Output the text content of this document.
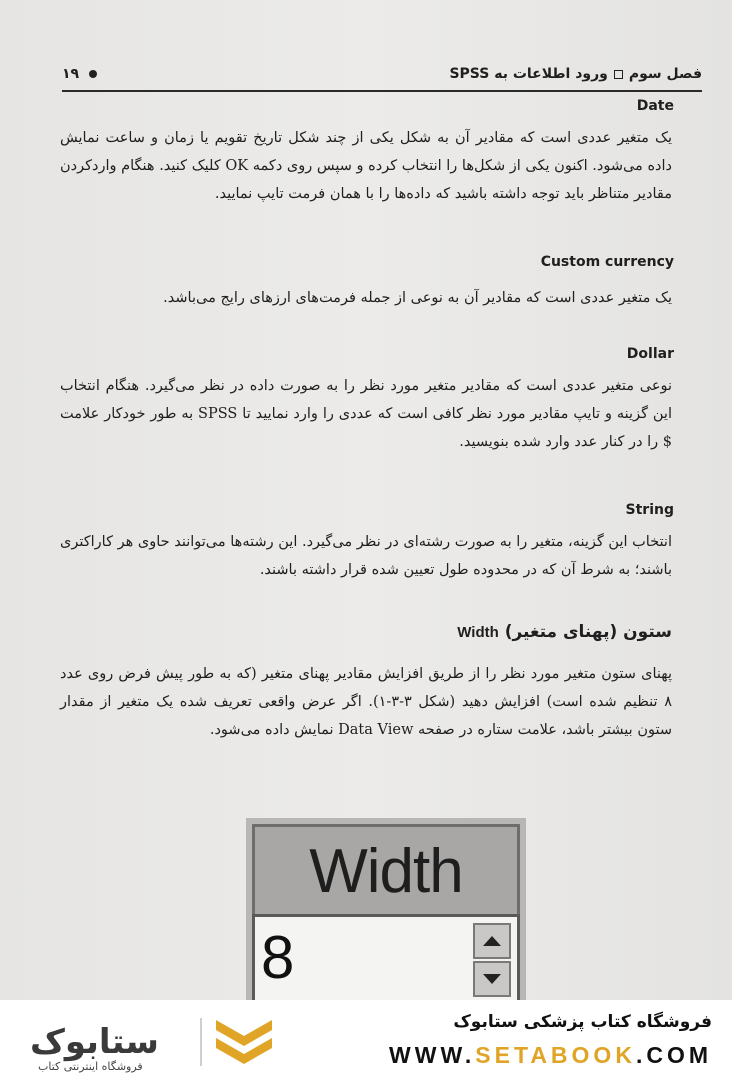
۱۹	فصل سوم
ورود اطلاعات به SPSS
Date
یک متغیر عددی است که مقادیر آن به شکل یکی از چند شکل تاریخ تقویم یا زمان و ساعت نمایش داده می‌شود. اکنون یکی از شکل‌ها را انتخاب کرده و سپس روی دکمه OK کلیک کنید. هنگام واردکردن مقادیر متناظر باید توجه داشته باشید که داده‌ها را با همان فرمت تایپ نمایید.
Custom currency
یک متغیر عددی است که مقادیر آن به نوعی از جمله فرمت‌های ارزهای رایج می‌باشد.
Dollar
نوعی متغیر عددی است که مقادیر متغیر مورد نظر را به صورت داده در نظر می‌گیرد. هنگام انتخاب این گزینه و تایپ مقادیر مورد نظر کافی است که عددی را وارد نمایید تا SPSS به طور خودکار علامت $ را در کنار عدد وارد شده بنویسید.
String
انتخاب این گزینه، متغیر را به صورت رشته‌ای در نظر می‌گیرد. این رشته‌ها می‌توانند حاوی هر کاراکتری باشند؛ به شرط آن که در محدوده طول تعیین شده قرار داشته باشند.
ستون (پهنای متغیر) Width
پهنای ستون متغیر مورد نظر را از طریق افزایش مقادیر پهنای متغیر (که به طور پیش فرض روی عدد ۸ تنظیم شده است) افزایش دهید (شکل ۳-۳-۱). اگر عرض واقعی تعریف شده یک متغیر از مقدار ستون بیشتر باشد، علامت ستاره در صفحه Data View نمایش داده می‌شود.
Width
8
ستابوک
فروشگاه اینترنتی کتاب
فروشگاه کتاب پزشکی ستابوک
WWW.SETABOOK.COM
